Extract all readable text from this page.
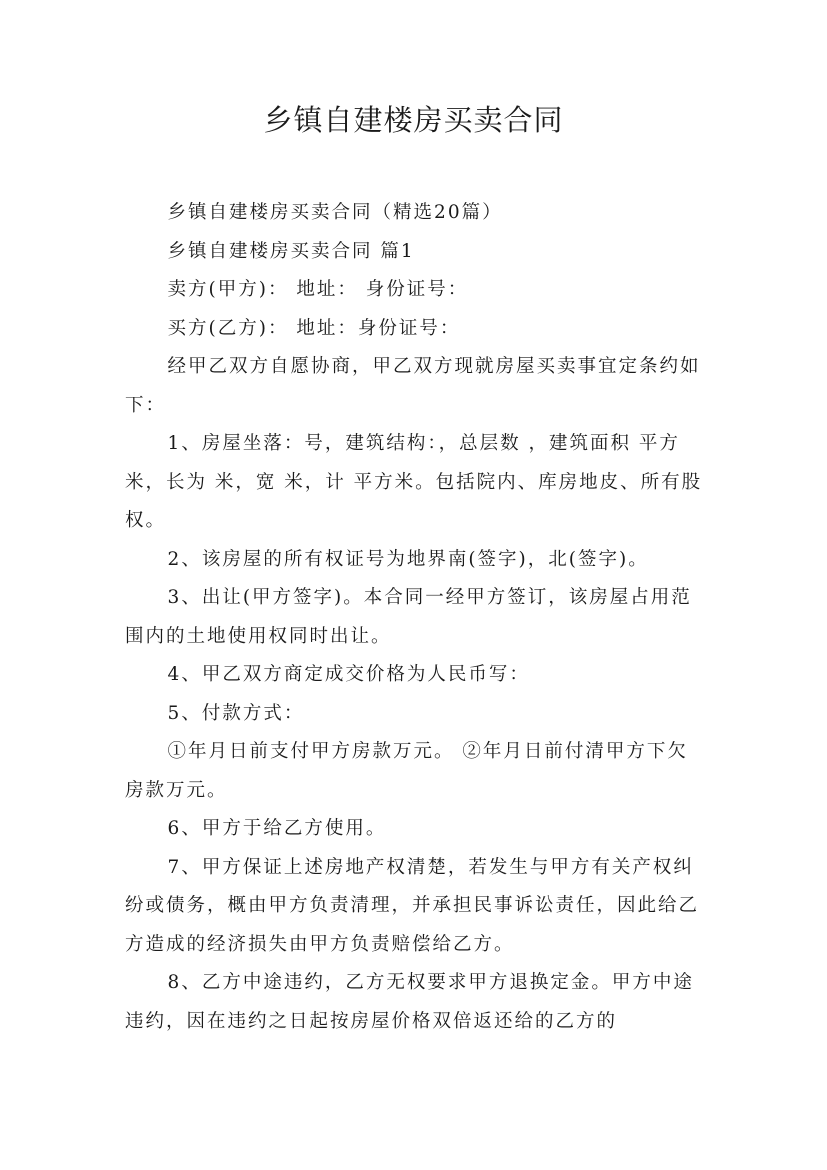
乡镇自建楼房买卖合同

乡镇自建楼房买卖合同（精选20篇）

乡镇自建楼房买卖合同 篇1

卖方(甲方)： 地址： 身份证号：

买方(乙方)： 地址：身份证号：

经甲乙双方自愿协商，甲乙双方现就房屋买卖事宜定条约如下：

1、房屋坐落：号，建筑结构：，总层数 ，建筑面积 平方米，长为 米，宽 米，计 平方米。包括院内、库房地皮、所有股权。

2、该房屋的所有权证号为地界南(签字)，北(签字)。

3、出让(甲方签字)。本合同一经甲方签订，该房屋占用范围内的土地使用权同时出让。

4、甲乙双方商定成交价格为人民币写：

5、付款方式：

①年月日前支付甲方房款万元。 ②年月日前付清甲方下欠房款万元。

6、甲方于给乙方使用。

7、甲方保证上述房地产权清楚，若发生与甲方有关产权纠纷或债务，概由甲方负责清理，并承担民事诉讼责任，因此给乙方造成的经济损失由甲方负责赔偿给乙方。

8、乙方中途违约，乙方无权要求甲方退换定金。甲方中途违约，因在违约之日起按房屋价格双倍返还给的乙方的
